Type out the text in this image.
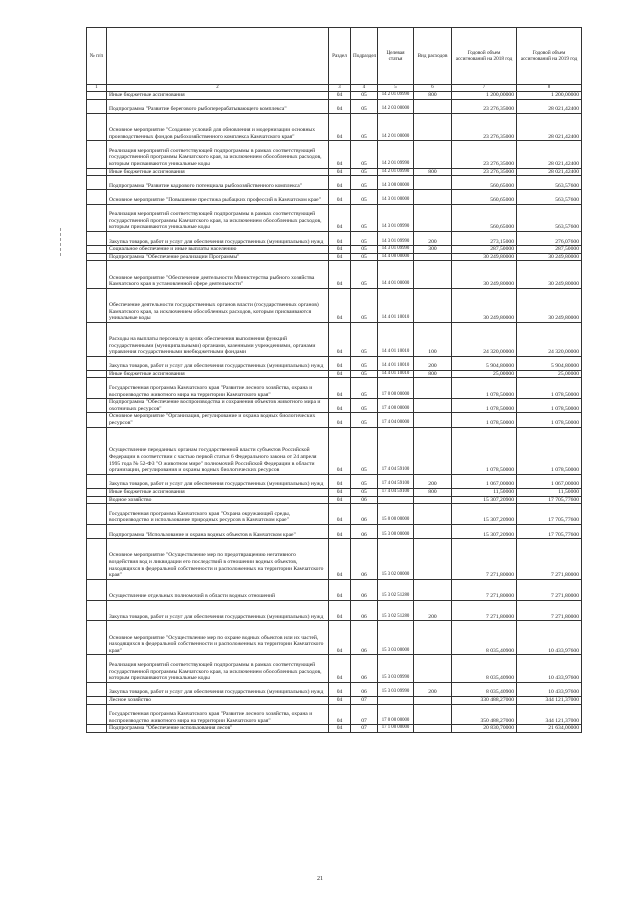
№ п/п		Раздел	Подраздел	Целевая статья	Вид расходов	Годовой объем ассигнований на 2018 год	Годовой объем ассигнований на 2019 год
1	2	3	4	5	6	7	8
	Иные бюджетные ассигнования	04	05	14 2 01 09990	800	1 200,00000	1 200,00000
	Подпрограмма "Развитие берегового рыбоперерабатывающего комплекса"	04	05	14 2 03 00000		23 276,35000	28 021,42400
	Основное мероприятие "Создание условий для обновления и модернизации основных производственных фондов рыбохозяйственного комплекса Камчатского края"	04	05	14 2 01 00000		23 276,35000	28 021,42400
	Реализация мероприятий соответствующей подпрограммы в рамках соответствующей государственной программы Камчатского края, за исключением обособленных расходов, которым присваиваются уникальные коды	04	05	14 2 01 09990		23 276,35000	28 021,42400
	Иные бюджетные ассигнования	04	05	14 2 01 09990	800	23 276,35000	28 021,42400
	Подпрограмма "Развитие кадрового потенциала рыбохозяйственного комплекса"	04	05	14 3 00 00000		560,65000	563,57600
	Основное мероприятие "Повышение престижа рыбацких профессий в Камчатском крае"	04	05	14 3 01 00000		560,65000	563,57600
	Реализация мероприятий соответствующей подпрограммы в рамках соответствующей государственной программы Камчатского края, за исключением обособленных расходов, которым присваиваются уникальные коды	04	05	14 3 01 09990		560,65000	563,57600
	Закупка товаров, работ и услуг для обеспечения государственных (муниципальных) нужд	04	05	14 3 01 09990	200	273,15000	276,07600
	Социальное обеспечение и иные выплаты населению	04	05	14 3 01 09990	300	287,50000	287,50000
	Подпрограмма "Обеспечение реализации Программы"	04	05	14 4 00 00000		30 249,80000	30 249,80000
	Основное мероприятие "Обеспечение деятельности Министерства рыбного хозяйства Камчатского края в установленной сфере деятельности"	04	05	14 4 01 00000		30 249,80000	30 249,80000
	Обеспечение деятельности государственных органов власти (государственных органов) Камчатского края, за исключением обособленных расходов, которым присваиваются уникальные коды	04	05	14 4 01 10010		30 249,80000	30 249,80000
	Расходы на выплаты персоналу в целях обеспечения выполнения функций государственными (муниципальными) органами, казенными учреждениями, органами управления государственными внебюджетными фондами	04	05	14 4 01 10010	100	24 320,00000	24 320,00000
	Закупка товаров, работ и услуг для обеспечения государственных (муниципальных) нужд	04	05	14 4 01 10010	200	5 904,80000	5 904,80000
	Иные бюджетные ассигнования	04	05	14 4 01 10010	800	25,00000	25,00000
	Государственная программа Камчатского края "Развитие лесного хозяйства, охрана и воспроизводство животного мира на территории Камчатского края"	04	05	17 0 00 00000		1 078,50000	1 078,50000
	Подпрограмма "Обеспечение воспроизводства и сохранения объектов животного мира и охотничьих ресурсов"	04	05	17 4 00 00000		1 078,50000	1 078,50000
	Основное мероприятие "Организация, регулирование и охрана водных биологических ресурсов"	04	05	17 4 04 00000		1 078,50000	1 078,50000
	Осуществление переданных органам государственной власти субъектов Российской Федерации в соответствии с частью первой статьи 6 Федерального закона от 24 апреля 1995 года № 52-ФЗ "О животном мире" полномочий Российской Федерации в области организации, регулирования и охраны водных биологических ресурсов	04	05	17 4 04 59100		1 078,50000	1 078,50000
	Закупка товаров, работ и услуг для обеспечения государственных (муниципальных) нужд	04	05	17 4 04 59100	200	1 067,00000	1 067,00000
	Иные бюджетные ассигнования	04	05	17 4 04 59100	800	11,50000	11,50000
	Водное хозяйство	04	06			15 307,20900	17 705,77600
	Государственная программа Камчатского края "Охрана окружающей среды, воспроизводство и использование природных ресурсов в Камчатском крае"	04	06	15 0 00 00000		15 307,20900	17 705,77600
	Подпрограмма "Использование и охрана водных объектов в Камчатском крае"	04	06	15 3 00 00000		15 307,20900	17 705,77600
	Основное мероприятие "Осуществление мер по предотвращению негативного воздействия вод и ликвидации его последствий в отношении водных объектов, находящихся в федеральной собственности и расположенных на территории Камчатского края"	04	06	15 3 02 00000		7 271,80000	7 271,80000
	Осуществление отдельных полномочий в области водных отношений	04	06	15 3 02 51280		7 271,80000	7 271,80000
	Закупка товаров, работ и услуг для обеспечения государственных (муниципальных) нужд	04	06	15 3 02 51280	200	7 271,80000	7 271,80000
	Основное мероприятие "Осуществление мер по охране водных объектов или их частей, находящихся в федеральной собственности и расположенных на территории Камчатского края"	04	06	15 3 03 00000		8 035,40900	10 433,97600
	Реализация мероприятий соответствующей подпрограммы в рамках соответствующей государственной программы Камчатского края, за исключением обособленных расходов, которым присваиваются уникальные коды	04	06	15 3 03 09990		8 035,40900	10 433,97600
	Закупка товаров, работ и услуг для обеспечения государственных (муниципальных) нужд	04	06	15 3 03 09990	200	8 035,40900	10 433,97600
	Лесное хозяйство	04	07			330 488,27000	344 121,37000
	Государственная программа Камчатского края "Развитие лесного хозяйства, охрана и воспроизводство животного мира на территории Камчатского края"	04	07	17 0 00 00000		350 488,27000	344 121,37000
	Подпрограмма "Обеспечение использования лесов"	04	07	17 1 00 00000		20 830,70000	21 634,00000
21
